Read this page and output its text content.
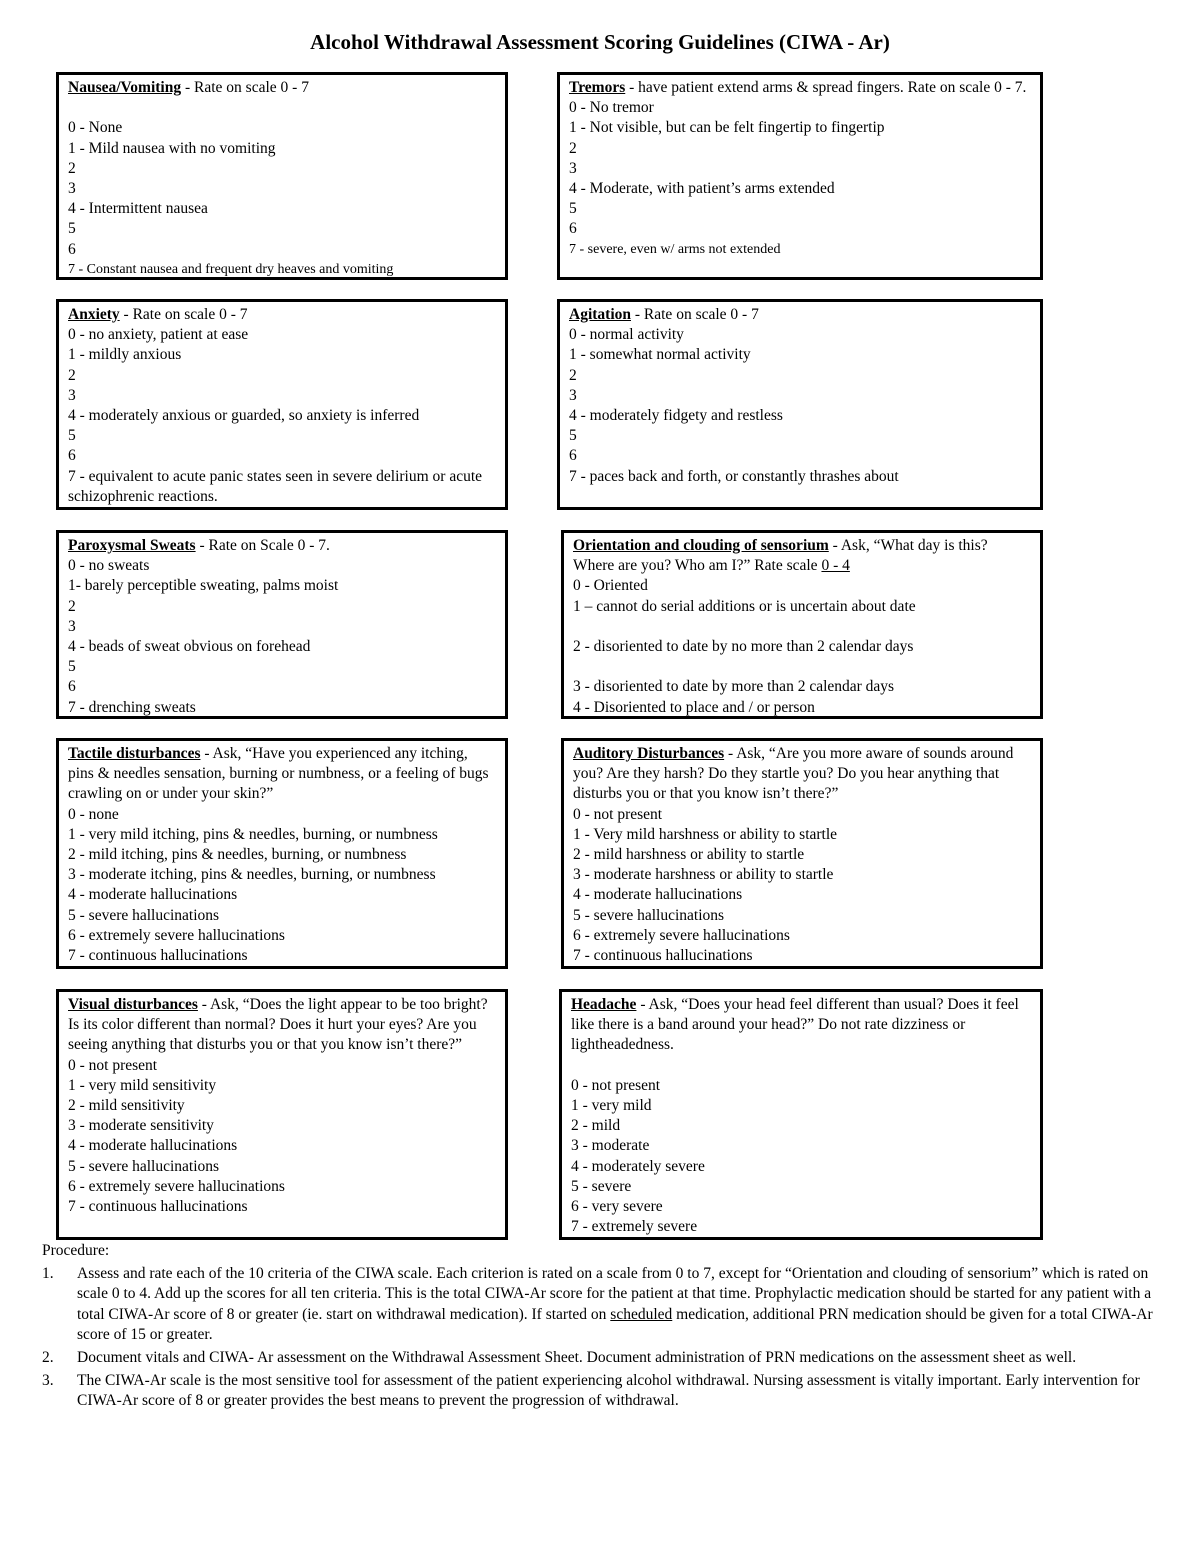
Alcohol Withdrawal Assessment Scoring Guidelines (CIWA - Ar)
Nausea/Vomiting - Rate on scale 0 - 7
0 - None
1 - Mild nausea with no vomiting
2
3
4 - Intermittent nausea
5
6
7 - Constant nausea and frequent dry heaves and vomiting
Tremors - have patient extend arms & spread fingers. Rate on scale 0 - 7.
0 - No tremor
1 - Not visible, but can be felt fingertip to fingertip
2
3
4 - Moderate, with patient’s arms extended
5
6
7 - severe, even w/ arms not extended
Anxiety - Rate on scale 0 - 7
0 - no anxiety, patient at ease
1 - mildly anxious
2
3
4 - moderately anxious or guarded, so anxiety is inferred
5
6
7 - equivalent to acute panic states seen in severe delirium or acute schizophrenic reactions.
Agitation - Rate on scale 0 - 7
0 - normal activity
1 - somewhat normal activity
2
3
4 - moderately fidgety and restless
5
6
7 - paces back and forth, or constantly thrashes about
Paroxysmal Sweats - Rate on Scale 0 - 7.
0 - no sweats
1- barely perceptible sweating, palms moist
2
3
4 - beads of sweat obvious on forehead
5
6
7 - drenching sweats
Orientation and clouding of sensorium - Ask, “What day is this? Where are you? Who am I?” Rate scale 0 - 4
0 - Oriented
1 – cannot do serial additions or is uncertain about date
2 - disoriented to date by no more than 2 calendar days
3 - disoriented to date by more than 2 calendar days
4 - Disoriented to place and / or person
Tactile disturbances - Ask, “Have you experienced any itching, pins & needles sensation, burning or numbness, or a feeling of bugs crawling on or under your skin?”
0 - none
1 - very mild itching, pins & needles, burning, or numbness
2 - mild itching, pins & needles, burning, or numbness
3 - moderate itching, pins & needles, burning, or numbness
4 - moderate hallucinations
5 - severe hallucinations
6 - extremely severe hallucinations
7 - continuous hallucinations
Auditory Disturbances - Ask, “Are you more aware of sounds around you? Are they harsh? Do they startle you? Do you hear anything that disturbs you or that you know isn’t there?”
0 - not present
1 - Very mild harshness or ability to startle
2 - mild harshness or ability to startle
3 - moderate harshness or ability to startle
4 - moderate hallucinations
5 - severe hallucinations
6 - extremely severe hallucinations
7 - continuous hallucinations
Visual disturbances - Ask, “Does the light appear to be too bright? Is its color different than normal? Does it hurt your eyes? Are you seeing anything that disturbs you or that you know isn’t there?”
0 - not present
1 - very mild sensitivity
2 - mild sensitivity
3 - moderate sensitivity
4 - moderate hallucinations
5 - severe hallucinations
6 - extremely severe hallucinations
7 - continuous hallucinations
Headache - Ask, “Does your head feel different than usual? Does it feel like there is a band around your head?” Do not rate dizziness or lightheadedness.
0 - not present
1 - very mild
2 - mild
3 - moderate
4 - moderately severe
5 - severe
6 - very severe
7 - extremely severe
Procedure:
1. Assess and rate each of the 10 criteria of the CIWA scale. Each criterion is rated on a scale from 0 to 7, except for “Orientation and clouding of sensorium” which is rated on scale 0 to 4. Add up the scores for all ten criteria. This is the total CIWA-Ar score for the patient at that time. Prophylactic medication should be started for any patient with a total CIWA-Ar score of 8 or greater (ie. start on withdrawal medication). If started on scheduled medication, additional PRN medication should be given for a total CIWA-Ar score of 15 or greater.
2. Document vitals and CIWA- Ar assessment on the Withdrawal Assessment Sheet. Document administration of PRN medications on the assessment sheet as well.
3. The CIWA-Ar scale is the most sensitive tool for assessment of the patient experiencing alcohol withdrawal. Nursing assessment is vitally important. Early intervention for CIWA-Ar score of 8 or greater provides the best means to prevent the progression of withdrawal.
